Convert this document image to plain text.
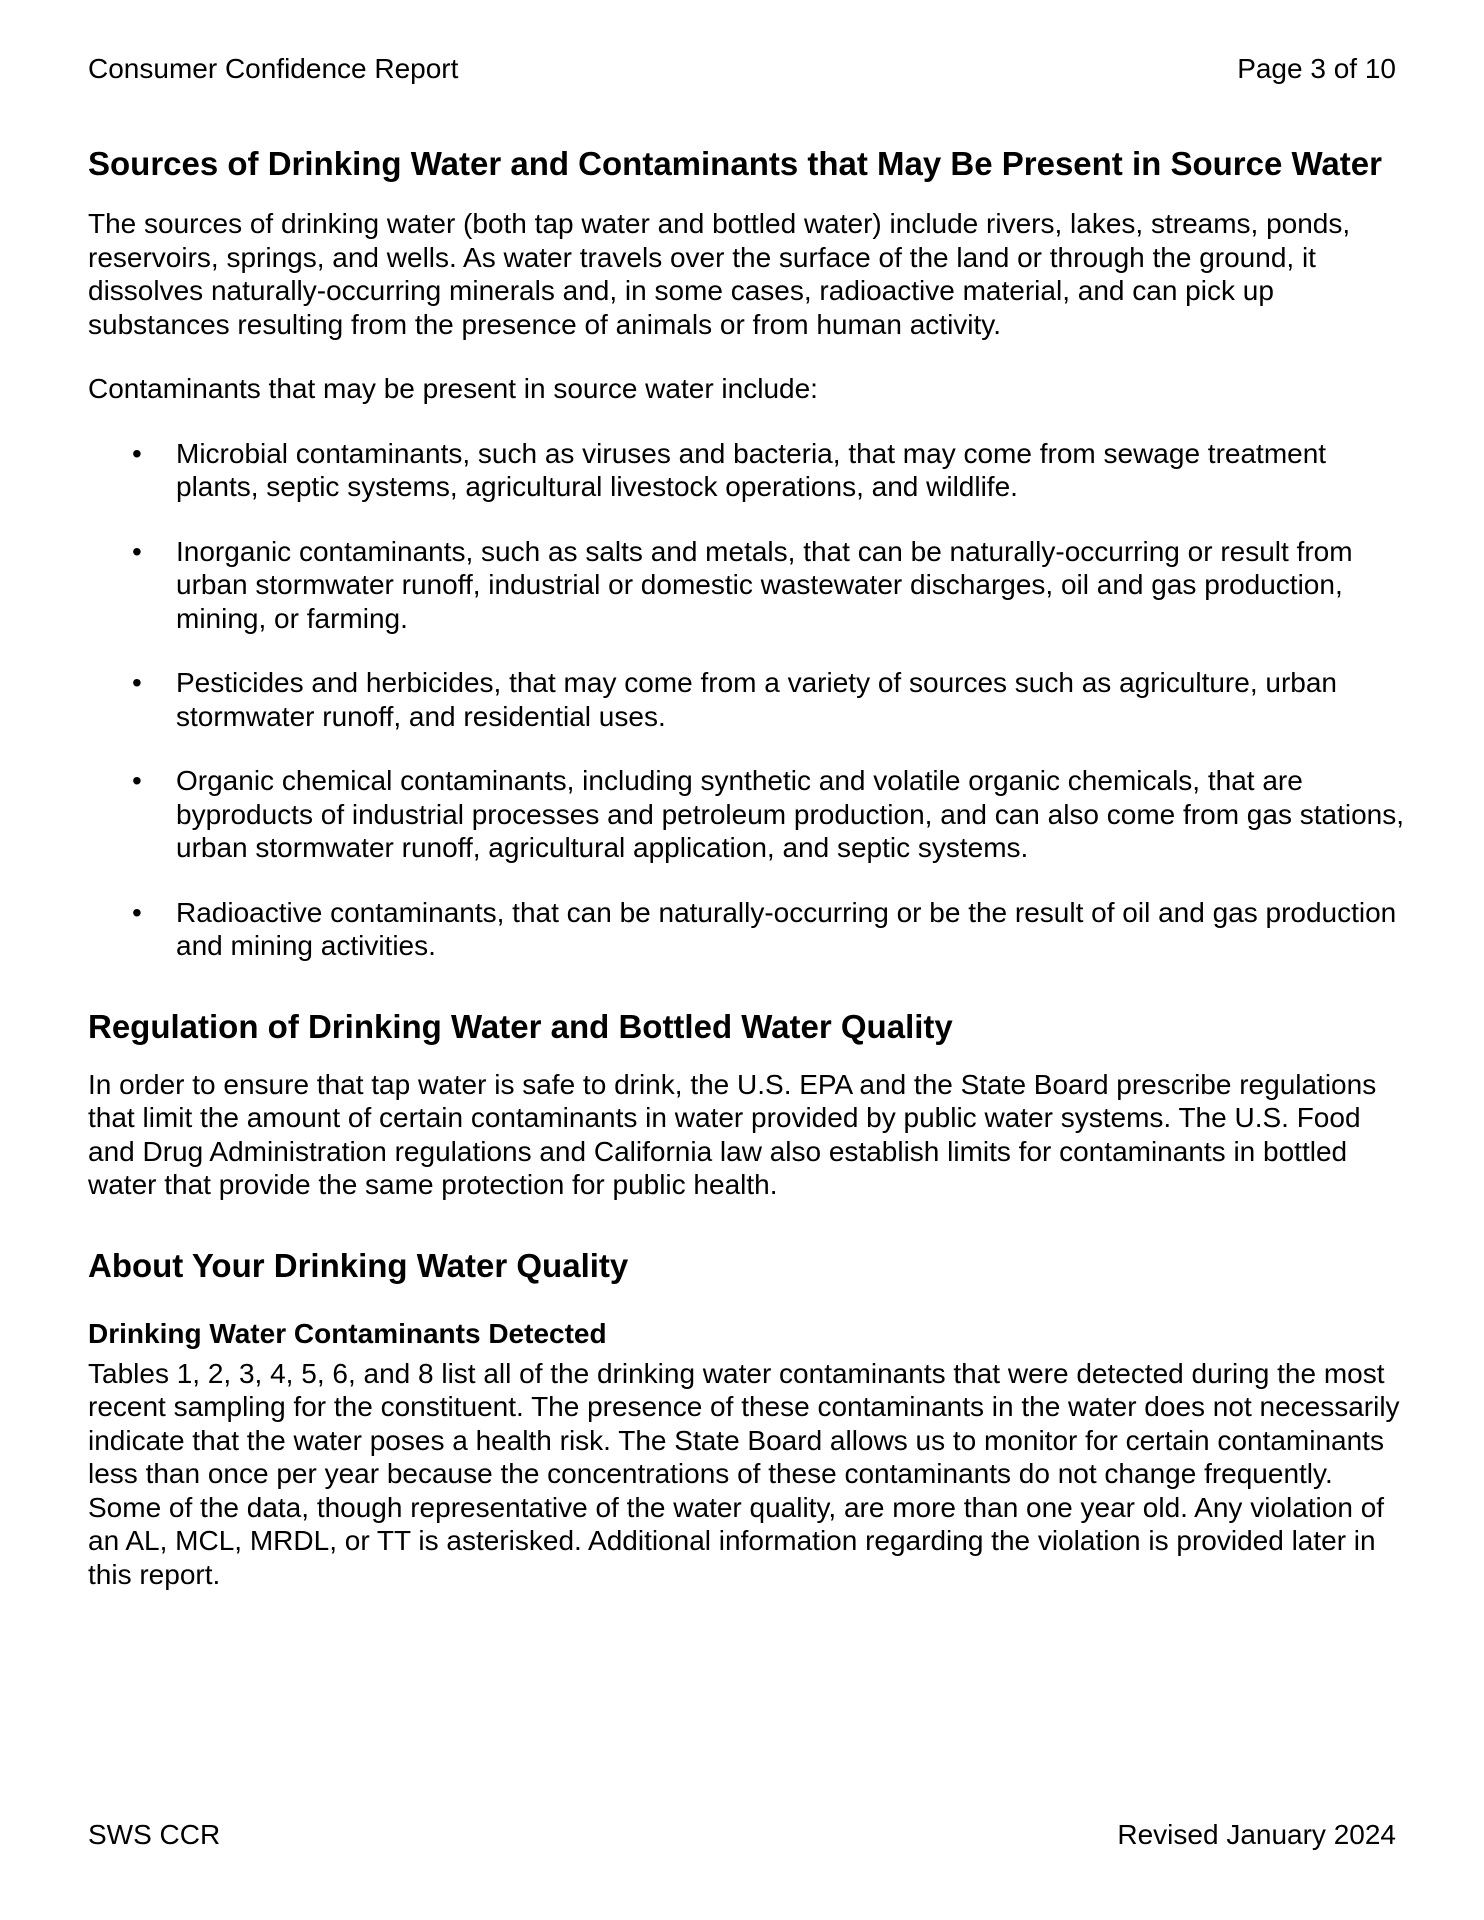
Consumer Confidence Report	Page 3 of 10
Sources of Drinking Water and Contaminants that May Be Present in Source Water

The sources of drinking water (both tap water and bottled water) include rivers, lakes, streams, ponds, reservoirs, springs, and wells. As water travels over the surface of the land or through the ground, it dissolves naturally-occurring minerals and, in some cases, radioactive material, and can pick up substances resulting from the presence of animals or from human activity.

Contaminants that may be present in source water include:

• Microbial contaminants, such as viruses and bacteria, that may come from sewage treatment plants, septic systems, agricultural livestock operations, and wildlife.
• Inorganic contaminants, such as salts and metals, that can be naturally-occurring or result from urban stormwater runoff, industrial or domestic wastewater discharges, oil and gas production, mining, or farming.
• Pesticides and herbicides, that may come from a variety of sources such as agriculture, urban stormwater runoff, and residential uses.
• Organic chemical contaminants, including synthetic and volatile organic chemicals, that are byproducts of industrial processes and petroleum production, and can also come from gas stations, urban stormwater runoff, agricultural application, and septic systems.
• Radioactive contaminants, that can be naturally-occurring or be the result of oil and gas production and mining activities.
Regulation of Drinking Water and Bottled Water Quality

In order to ensure that tap water is safe to drink, the U.S. EPA and the State Board prescribe regulations that limit the amount of certain contaminants in water provided by public water systems. The U.S. Food and Drug Administration regulations and California law also establish limits for contaminants in bottled water that provide the same protection for public health.

About Your Drinking Water Quality
Drinking Water Contaminants Detected

Tables 1, 2, 3, 4, 5, 6, and 8 list all of the drinking water contaminants that were detected during the most recent sampling for the constituent. The presence of these contaminants in the water does not necessarily indicate that the water poses a health risk. The State Board allows us to monitor for certain contaminants less than once per year because the concentrations of these contaminants do not change frequently. Some of the data, though representative of the water quality, are more than one year old. Any violation of an AL, MCL, MRDL, or TT is asterisked. Additional information regarding the violation is provided later in this report.

SWS CCR	Revised January 2024
